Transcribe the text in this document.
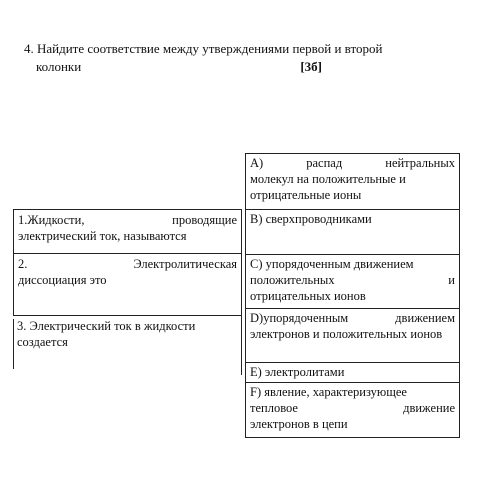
4. Найдите соответствие между утверждениями первой и второй
колонки	[3б]
1.Жидкости,	проводящие
электрический ток, называются
2.	Электролитическая
диссоциация это
3. Электрический ток в жидкости
создается
А)	распад	нейтральных
молекул на положительные и отрицательные ионы
В) сверхпроводниками
С) упорядоченным движением
положительных	и
отрицательных ионов
D)упорядоченным движением электронов и положительных ионов
Е) электролитами
F) явление, характеризующее
тепловое	движение
электронов в цепи
